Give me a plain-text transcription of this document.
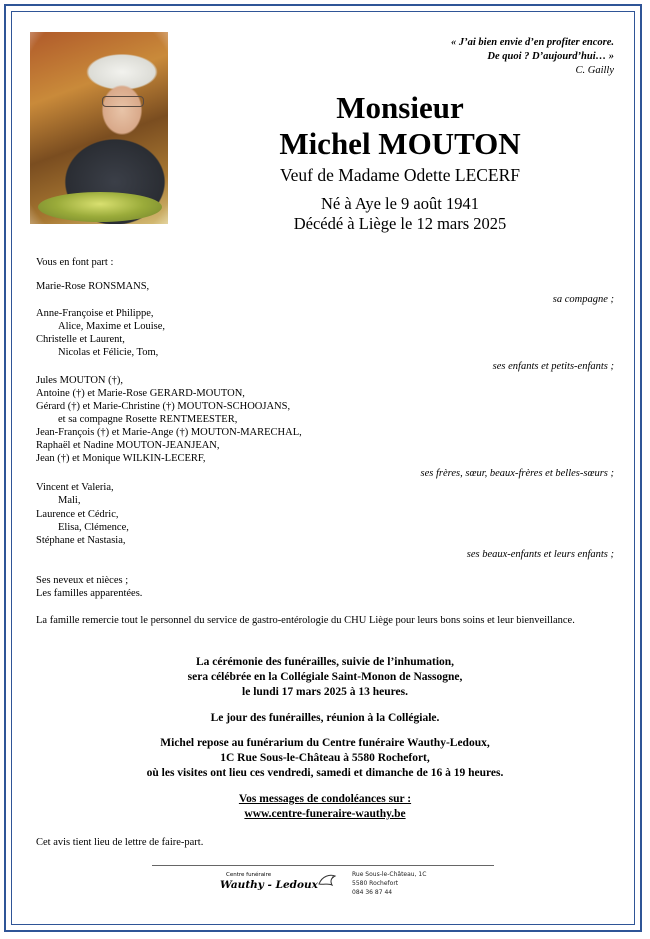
« J’ai bien envie d’en profiter encore.
De quoi ? D’aujourd’hui… »
C. Gailly
Monsieur
Michel MOUTON
Veuf de Madame Odette LECERF
Né à Aye le 9 août 1941
Décédé à Liège le 12 mars 2025
Vous en font part :
Marie-Rose RONSMANS,
sa compagne ;
Anne-Françoise et Philippe,
Alice, Maxime et Louise,
Christelle et Laurent,
Nicolas et Félicie, Tom,
ses enfants et petits-enfants ;
Jules MOUTON (†),
Antoine (†) et Marie-Rose GERARD-MOUTON,
Gérard (†) et Marie-Christine (†) MOUTON-SCHOOJANS,
et sa compagne Rosette RENTMEESTER,
Jean-François (†) et Marie-Ange (†) MOUTON-MARECHAL,
Raphaël et Nadine MOUTON-JEANJEAN,
Jean (†) et Monique WILKIN-LECERF,
ses frères, sœur, beaux-frères et belles-sœurs ;
Vincent et Valeria,
Mali,
Laurence et Cédric,
Elisa, Clémence,
Stéphane et Nastasia,
ses beaux-enfants et leurs enfants ;
Ses neveux et nièces ;
Les familles apparentées.
La famille remercie tout le personnel du service de gastro-entérologie du CHU Liège pour leurs bons soins et leur bienveillance.
La cérémonie des funérailles, suivie de l’inhumation,
sera célébrée en la Collégiale Saint-Monon de Nassogne,
le lundi 17 mars 2025 à 13 heures.
Le jour des funérailles, réunion à la Collégiale.
Michel repose au funérarium du Centre funéraire Wauthy-Ledoux,
1C Rue Sous-le-Château à 5580 Rochefort,
où les visites ont lieu ces vendredi, samedi et dimanche de 16 à 19 heures.
Vos messages de condoléances sur :
www.centre-funeraire-wauthy.be
Cet avis tient lieu de lettre de faire-part.
Centre funéraire
Wauthy - Ledoux
Rue Sous-le-Château, 1C
5580 Rochefort
084 36 87 44
